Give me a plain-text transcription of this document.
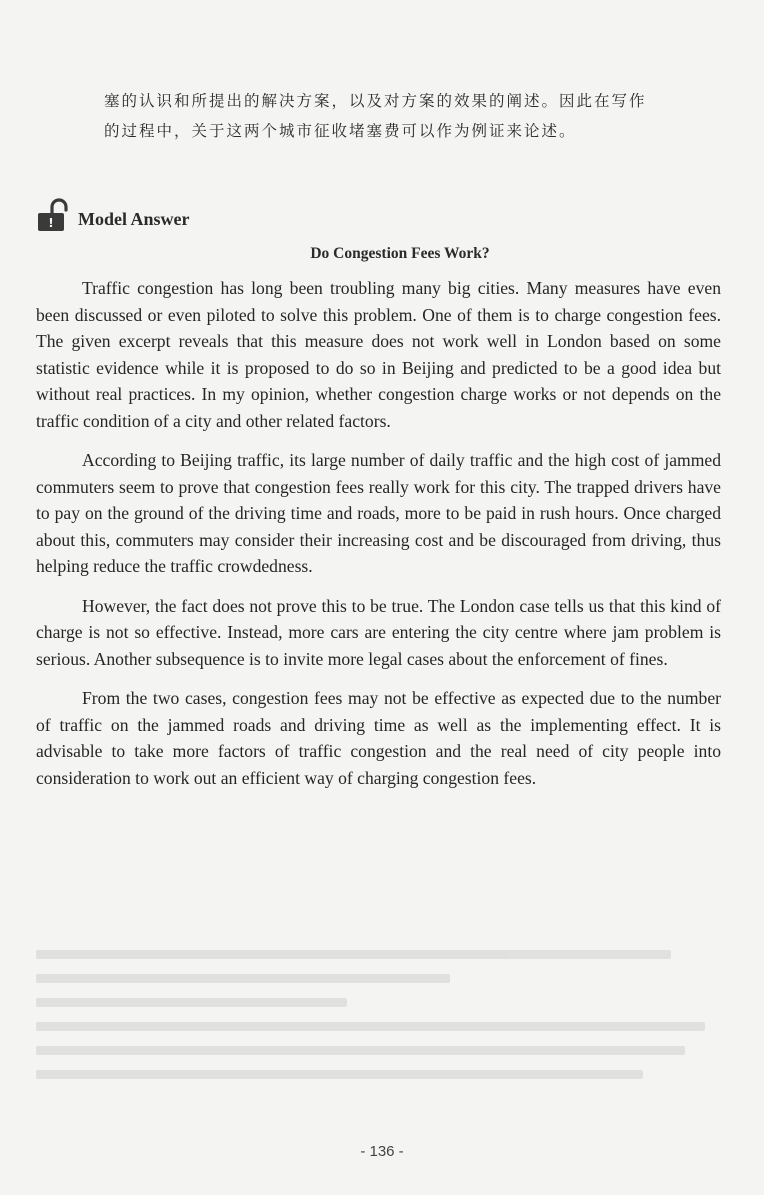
塞的认识和所提出的解决方案，以及对方案的效果的阐述。因此在写作
的过程中，关于这两个城市征收堵塞费可以作为例证来论述。
! Model Answer
Do Congestion Fees Work?

Traffic congestion has long been troubling many big cities. Many measures have even been discussed or even piloted to solve this problem. One of them is to charge congestion fees. The given excerpt reveals that this measure does not work well in London based on some statistic evidence while it is proposed to do so in Beijing and predicted to be a good idea but without real practices. In my opinion, whether congestion charge works or not depends on the traffic condition of a city and other related factors.

According to Beijing traffic, its large number of daily traffic and the high cost of jammed commuters seem to prove that congestion fees really work for this city. The trapped drivers have to pay on the ground of the driving time and roads, more to be paid in rush hours. Once charged about this, commuters may consider their increasing cost and be discouraged from driving, thus helping reduce the traffic crowdedness.

However, the fact does not prove this to be true. The London case tells us that this kind of charge is not so effective. Instead, more cars are entering the city centre where jam problem is serious. Another subsequence is to invite more legal cases about the enforcement of fines.

From the two cases, congestion fees may not be effective as expected due to the number of traffic on the jammed roads and driving time as well as the implementing effect. It is advisable to take more factors of traffic congestion and the real need of city people into consideration to work out an efficient way of charging congestion fees.

- 136 -
